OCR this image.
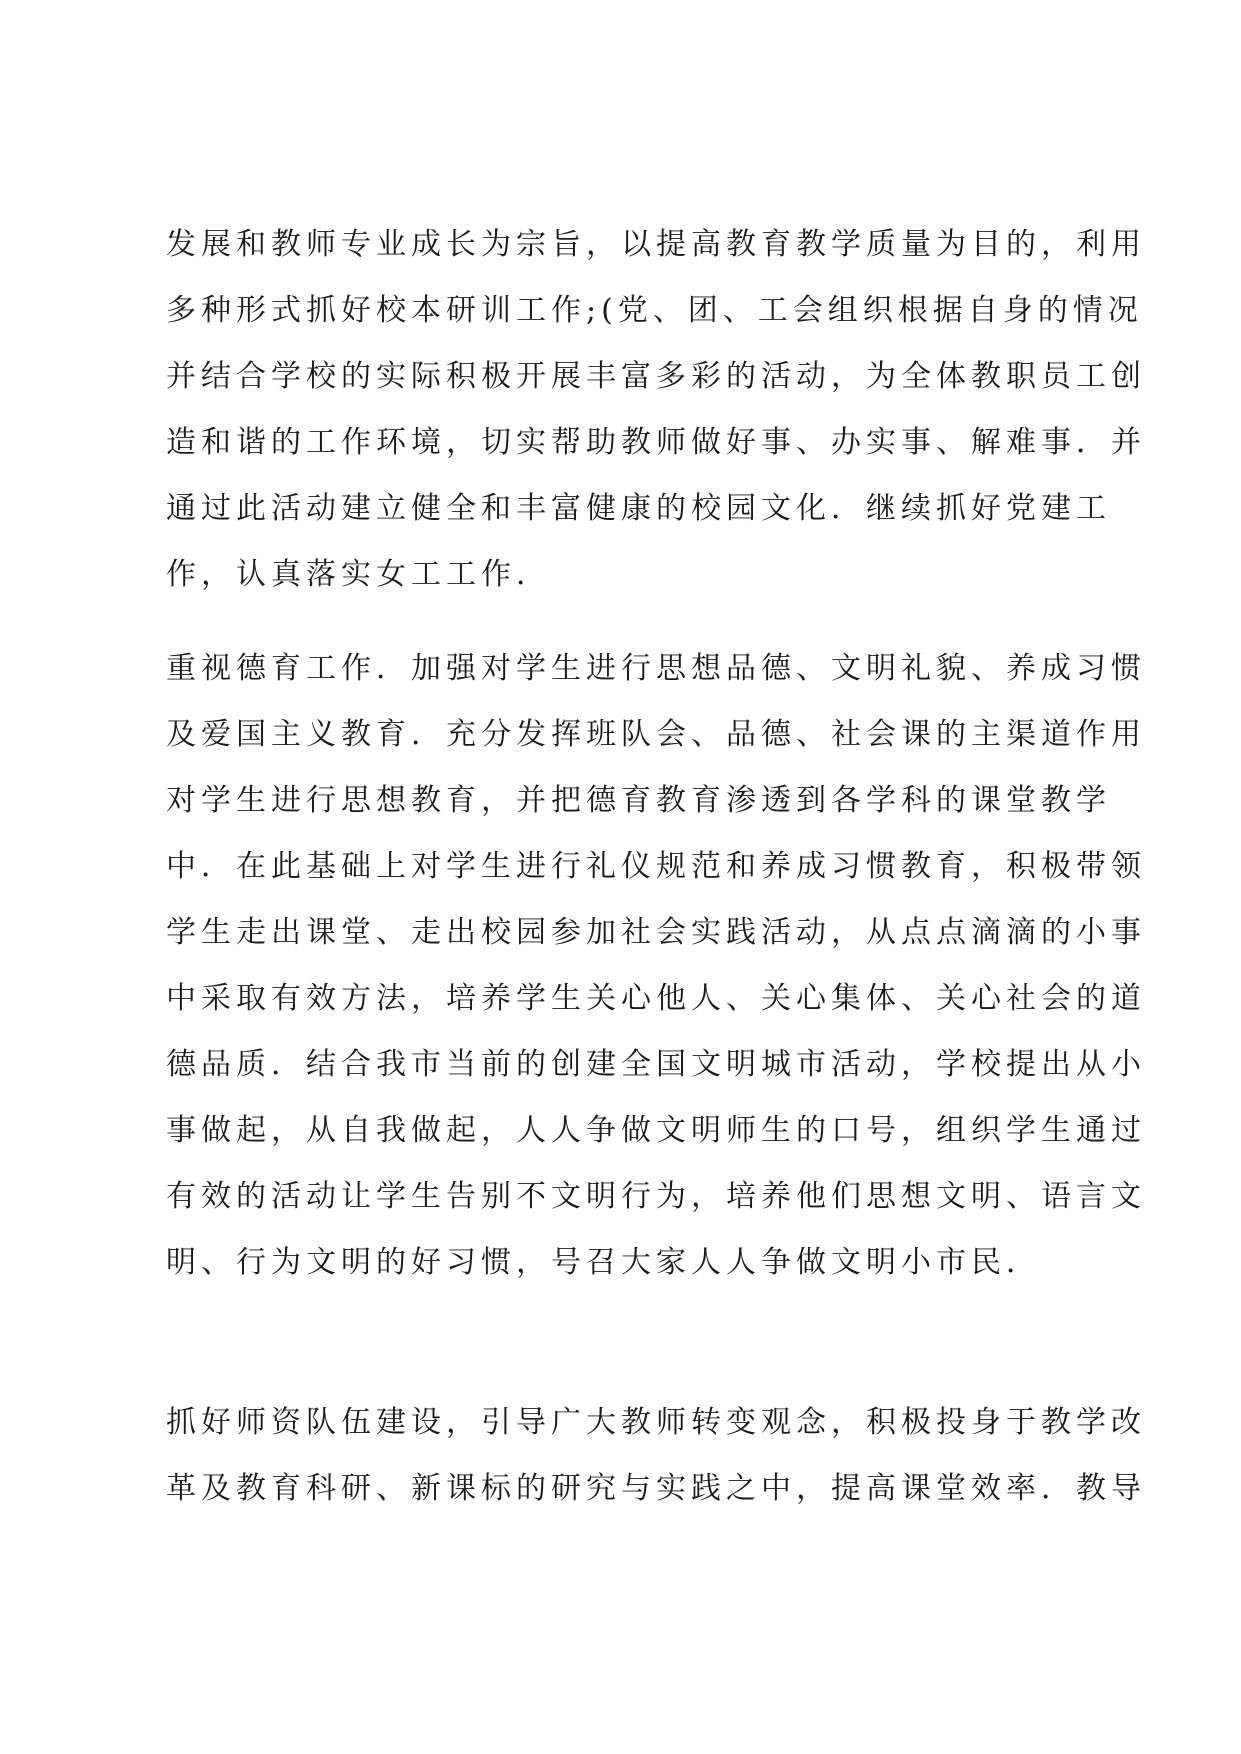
发展和教师专业成长为宗旨，以提高教育教学质量为目的，利用
多种形式抓好校本研训工作;(党、团、工会组织根据自身的情况
并结合学校的实际积极开展丰富多彩的活动，为全体教职员工创
造和谐的工作环境，切实帮助教师做好事、办实事、解难事．并
通过此活动建立健全和丰富健康的校园文化．继续抓好党建工
作，认真落实女工工作．
重视德育工作．加强对学生进行思想品德、文明礼貌、养成习惯
及爱国主义教育．充分发挥班队会、品德、社会课的主渠道作用
对学生进行思想教育，并把德育教育渗透到各学科的课堂教学
中．在此基础上对学生进行礼仪规范和养成习惯教育，积极带领
学生走出课堂、走出校园参加社会实践活动，从点点滴滴的小事
中采取有效方法，培养学生关心他人、关心集体、关心社会的道
德品质．结合我市当前的创建全国文明城市活动，学校提出从小
事做起，从自我做起，人人争做文明师生的口号，组织学生通过
有效的活动让学生告别不文明行为，培养他们思想文明、语言文
明、行为文明的好习惯，号召大家人人争做文明小市民．
抓好师资队伍建设，引导广大教师转变观念，积极投身于教学改
革及教育科研、新课标的研究与实践之中，提高课堂效率．教导
